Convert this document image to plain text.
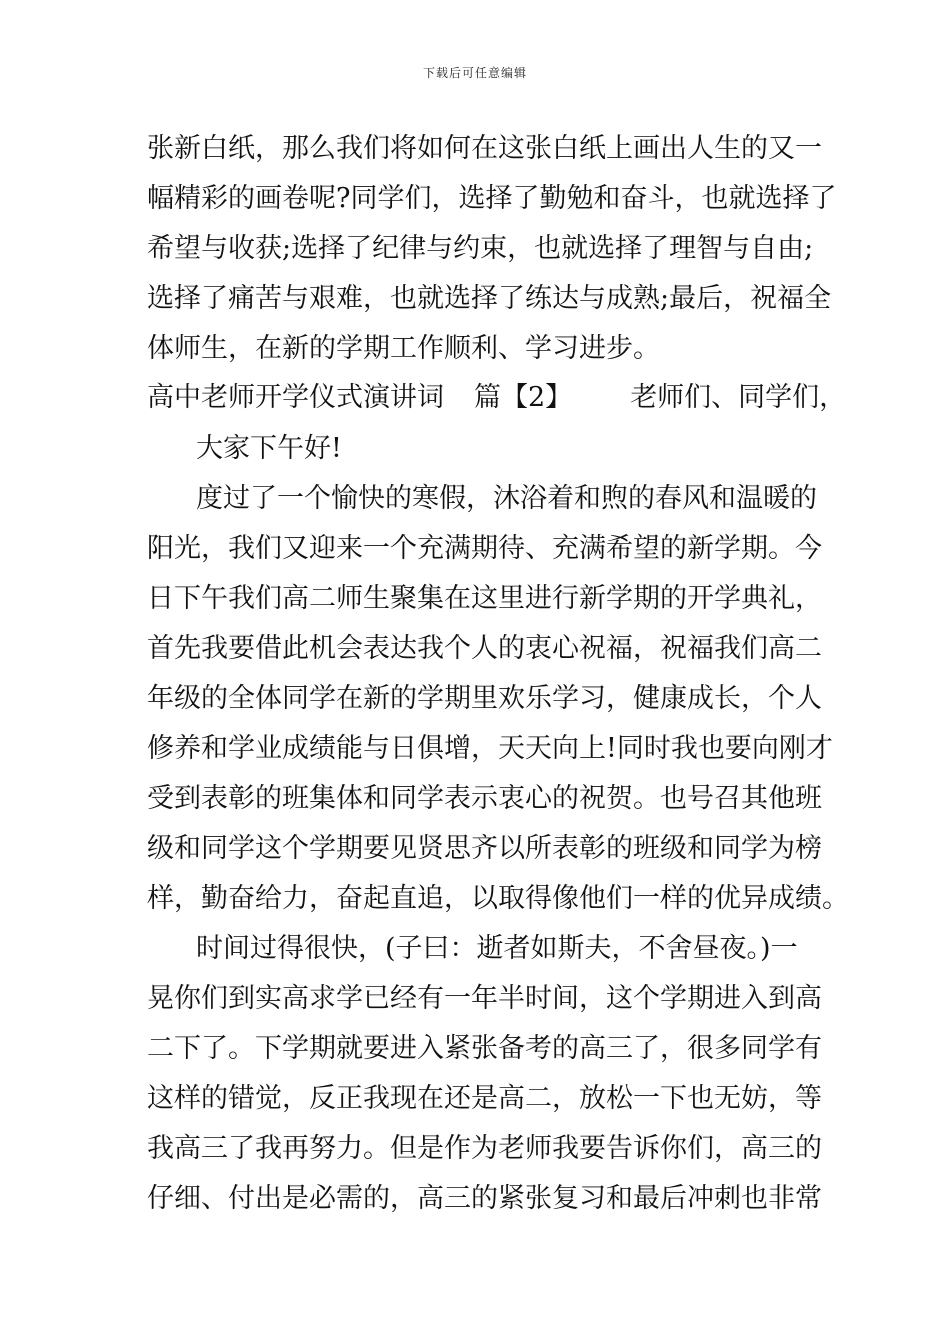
下载后可任意编辑
张新白纸，那么我们将如何在这张白纸上画出人生的又一
幅精彩的画卷呢?同学们，选择了勤勉和奋斗，也就选择了
希望与收获;选择了纪律与约束，也就选择了理智与自由;
选择了痛苦与艰难，也就选择了练达与成熟;最后，祝福全
体师生，在新的学期工作顺利、学习进步。
高中老师开学仪式演讲词 篇【2】 老师们、同学们，
大家下午好!
度过了一个愉快的寒假，沐浴着和煦的春风和温暖的
阳光，我们又迎来一个充满期待、充满希望的新学期。今
日下午我们高二师生聚集在这里进行新学期的开学典礼，
首先我要借此机会表达我个人的衷心祝福，祝福我们高二
年级的全体同学在新的学期里欢乐学习，健康成长，个人
修养和学业成绩能与日俱增，天天向上!同时我也要向刚才
受到表彰的班集体和同学表示衷心的祝贺。也号召其他班
级和同学这个学期要见贤思齐以所表彰的班级和同学为榜
样，勤奋给力，奋起直追，以取得像他们一样的优异成绩。
时间过得很快，(子曰：逝者如斯夫，不舍昼夜。)一
晃你们到实高求学已经有一年半时间，这个学期进入到高
二下了。下学期就要进入紧张备考的高三了，很多同学有
这样的错觉，反正我现在还是高二，放松一下也无妨，等
我高三了我再努力。但是作为老师我要告诉你们，高三的
仔细、付出是必需的，高三的紧张复习和最后冲刺也非常
